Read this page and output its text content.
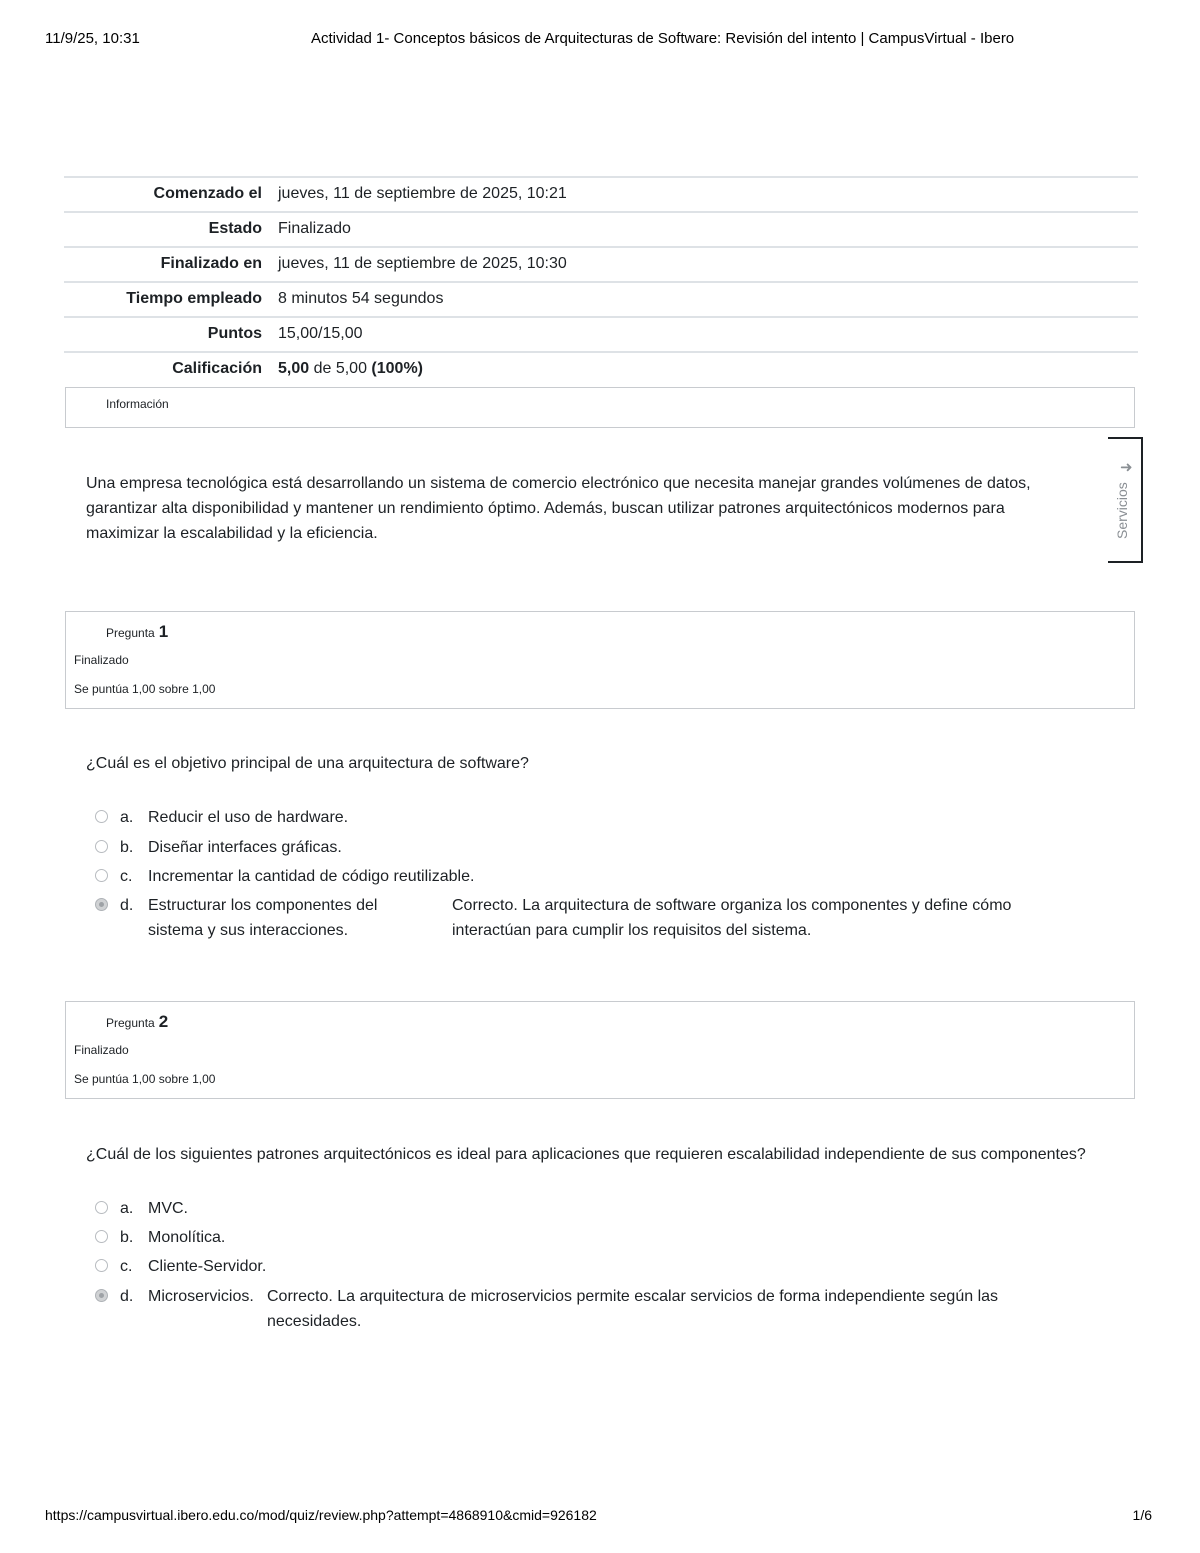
11/9/25, 10:31	Actividad 1- Conceptos básicos de Arquitecturas de Software: Revisión del intento | CampusVirtual - Ibero
Comenzado el	jueves, 11 de septiembre de 2025, 10:21
Estado	Finalizado
Finalizado en	jueves, 11 de septiembre de 2025, 10:30
Tiempo empleado	8 minutos 54 segundos
Puntos	15,00/15,00
Calificación	5,00 de 5,00 (100%)
Información
Una empresa tecnológica está desarrollando un sistema de comercio electrónico que necesita manejar grandes volúmenes de datos, garantizar alta disponibilidad y mantener un rendimiento óptimo. Además, buscan utilizar patrones arquitectónicos modernos para maximizar la escalabilidad y la eficiencia.
➜
Servicios
Pregunta 1
Finalizado
Se puntúa 1,00 sobre 1,00
¿Cuál es el objetivo principal de una arquitectura de software?
a. Reducir el uso de hardware.
b. Diseñar interfaces gráficas.
c. Incrementar la cantidad de código reutilizable.
d. Estructurar los componentes del
sistema y sus interacciones.
Correcto. La arquitectura de software organiza los componentes y define cómo
interactúan para cumplir los requisitos del sistema.
Pregunta 2
Finalizado
Se puntúa 1,00 sobre 1,00
¿Cuál de los siguientes patrones arquitectónicos es ideal para aplicaciones que requieren escalabilidad independiente de sus componentes?
a. MVC.
b. Monolítica.
c. Cliente-Servidor.
d. Microservicios. Correcto. La arquitectura de microservicios permite escalar servicios de forma independiente según las
necesidades.
https://campusvirtual.ibero.edu.co/mod/quiz/review.php?attempt=4868910&cmid=926182	1/6
